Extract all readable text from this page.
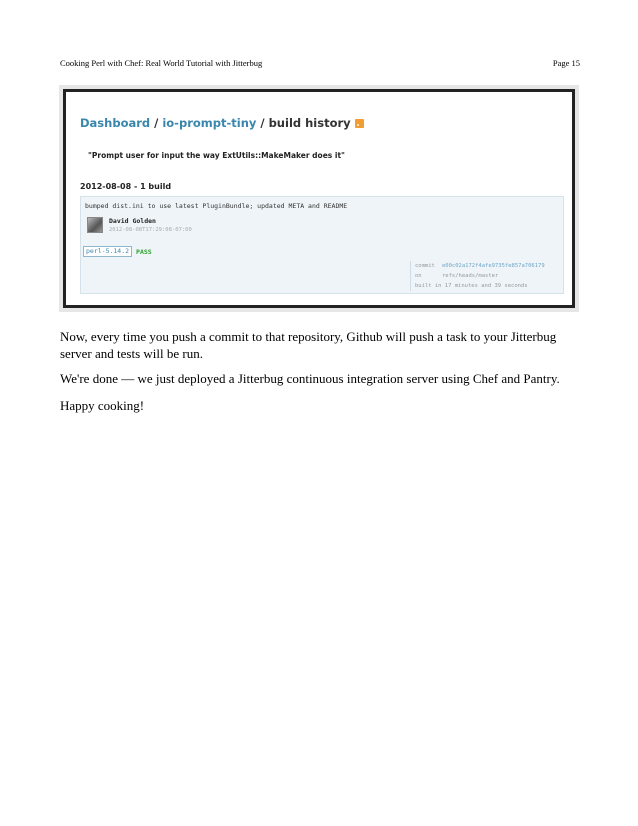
Cooking Perl with Chef: Real World Tutorial with Jitterbug	Page 15
Dashboard / io-prompt-tiny / build history
"Prompt user for input the way ExtUtils::MakeMaker does it"
2012-08-08 - 1 build
bumped dist.ini to use latest PluginBundle; updated META and README
David Golden
2012-08-08T17:29:08-07:00
perl-5.14.2	PASS
commit	e00c02a172f4afe9735fe857a706179
on	refs/heads/master
built in 17 minutes and 39 seconds

Now, every time you push a commit to that repository, Github will push a task to your Jitterbug server and tests will be run.

We're done — we just deployed a Jitterbug continuous integration server using Chef and Pantry.

Happy cooking!
